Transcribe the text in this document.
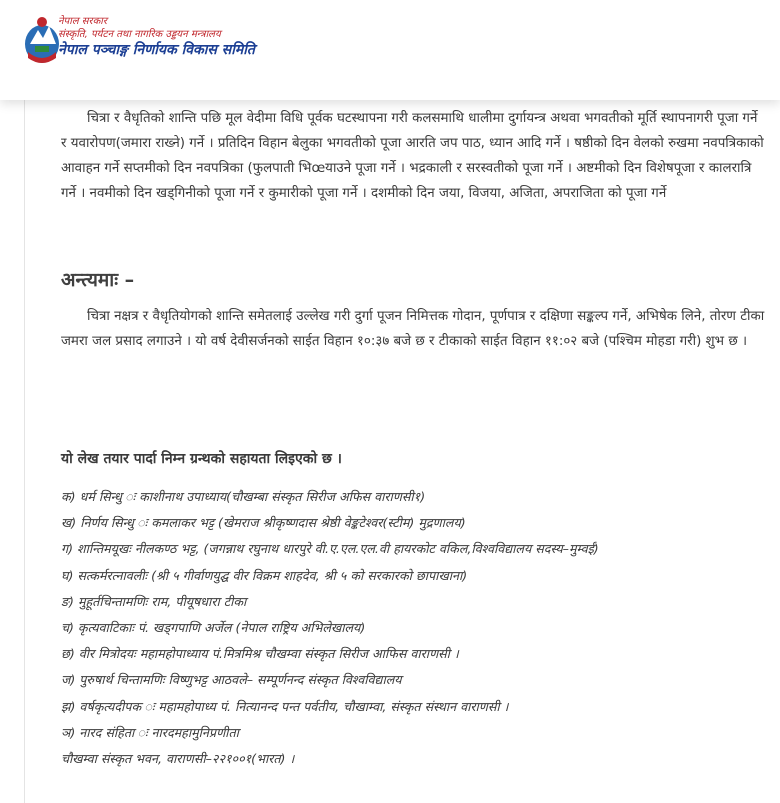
नेपाल सरकार
संस्कृति, पर्यटन तथा नागरिक उड्डयन मन्त्रालय
नेपाल पञ्चाङ्ग निर्णायक विकास समिति

चित्रा र वैधृतिको शान्ति पछि मूल वेदीमा विधि पूर्वक घटस्थापना गरी कलसमाथि धालीमा दुर्गायन्त्र अथवा भगवतीको मूर्ति स्थापनागरी पूजा गर्ने र यवारोपण(जमारा राख्ने) गर्ने । प्रतिदिन विहान बेलुका भगवतीको पूजा आरति जप पाठ, ध्यान आदि गर्ने । षष्ठीको दिन वेलको रुखमा नवपत्रिकाको आवाहन गर्ने सप्तमीको दिन नवपत्रिका (फुलपाती भिœयाउने पूजा गर्ने । भद्रकाली र सरस्वतीको पूजा गर्ने । अष्टमीको दिन विशेषपूजा र कालरात्रि गर्ने । नवमीको दिन खड्गिनीको पूजा गर्ने र कुमारीको पूजा गर्ने । दशमीको दिन जया, विजया, अजिता, अपराजिता को पूजा गर्ने

अन्त्यमाः –

चित्रा नक्षत्र र वैधृतियोगको शान्ति समेतलाई उल्लेख गरी दुर्गा पूजन निमित्तक गोदान, पूर्णपात्र र दक्षिणा सङ्कल्प गर्ने, अभिषेक लिने, तोरण टीका जमरा जल प्रसाद लगाउने । यो वर्ष देवीसर्जनको साईत विहान १०:३७ बजे छ र टीकाको साईत विहान ११:०२ बजे (पश्चिम मोहडा गरी) शुभ छ ।

यो लेख तयार पार्दा निम्न ग्रन्थको सहायता लिइएको छ ।

क) धर्म सिन्धु ः काशीनाथ उपाध्याय(चौखम्बा संस्कृत सिरीज अफिस वाराणसी१)
ख) निर्णय सिन्धु ः कमलाकर भट्ट (खेमराज श्रीकृष्णदास श्रेष्ठी वेङ्कटेश्वर(स्टीम) मुद्रणालय)
ग) शान्तिमयूखः नीलकण्ठ भट्ट, (जगन्नाथ रघुनाथ धारपुरे वी.ए.एल.एल.वी हायरकोट वकिल,विश्वविद्यालय सदस्य–मुम्वई)
घ) सत्कर्मरत्नावलीः (श्री ५ गीर्वाणयुद्घ वीर विक्रम शाहदेव, श्री ५ को सरकारको छापाखाना)
ङ) मुहूर्तचिन्तामणिः राम, पीयूषधारा टीका
च) कृत्यवाटिकाः पं. खड्गपाणि अर्जेल (नेपाल राष्ट्रिय अभिलेखालय)
छ) वीर मित्रोदयः महामहोपाध्याय पं.मित्रमिश्र चौखम्वा संस्कृत सिरीज आफिस वाराणसी ।
ज) पुरुषार्थ चिन्तामणिः विष्णुभट्ट आठवले– सम्पूर्णनन्द संस्कृत विश्वविद्यालय
झ) वर्षकृत्यदीपक ः महामहोपाध्य पं. नित्यानन्द पन्त पर्वतीय, चौखाम्वा, संस्कृत संस्थान वाराणसी ।
ञ) नारद संहिता ः नारदमहामुनिप्रणीता
चौखम्वा संस्कृत भवन, वाराणसी–२२१००१(भारत) ।
